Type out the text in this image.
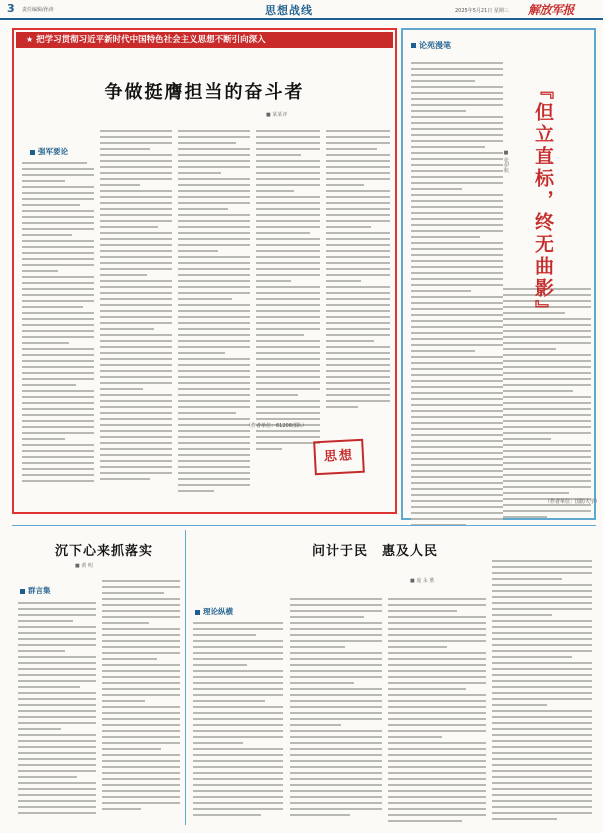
3 责任编辑/孙涛	思想战线	2025年5月21日 星期三 解放军报
★ 把学习贯彻习近平新时代中国特色社会主义思想不断引向深入
争做挺膺担当的奋斗者
■ 某某评
强军要论
（作者单位：61208部队）
思想
论苑漫笔
『但立直标，终无曲影』
■ 张伊航
（作者单位：国防大学）
沉下心来抓落实
■ 黄 明
群言集
问计于民　惠及人民
■ 庞 永 胜
理论纵横
